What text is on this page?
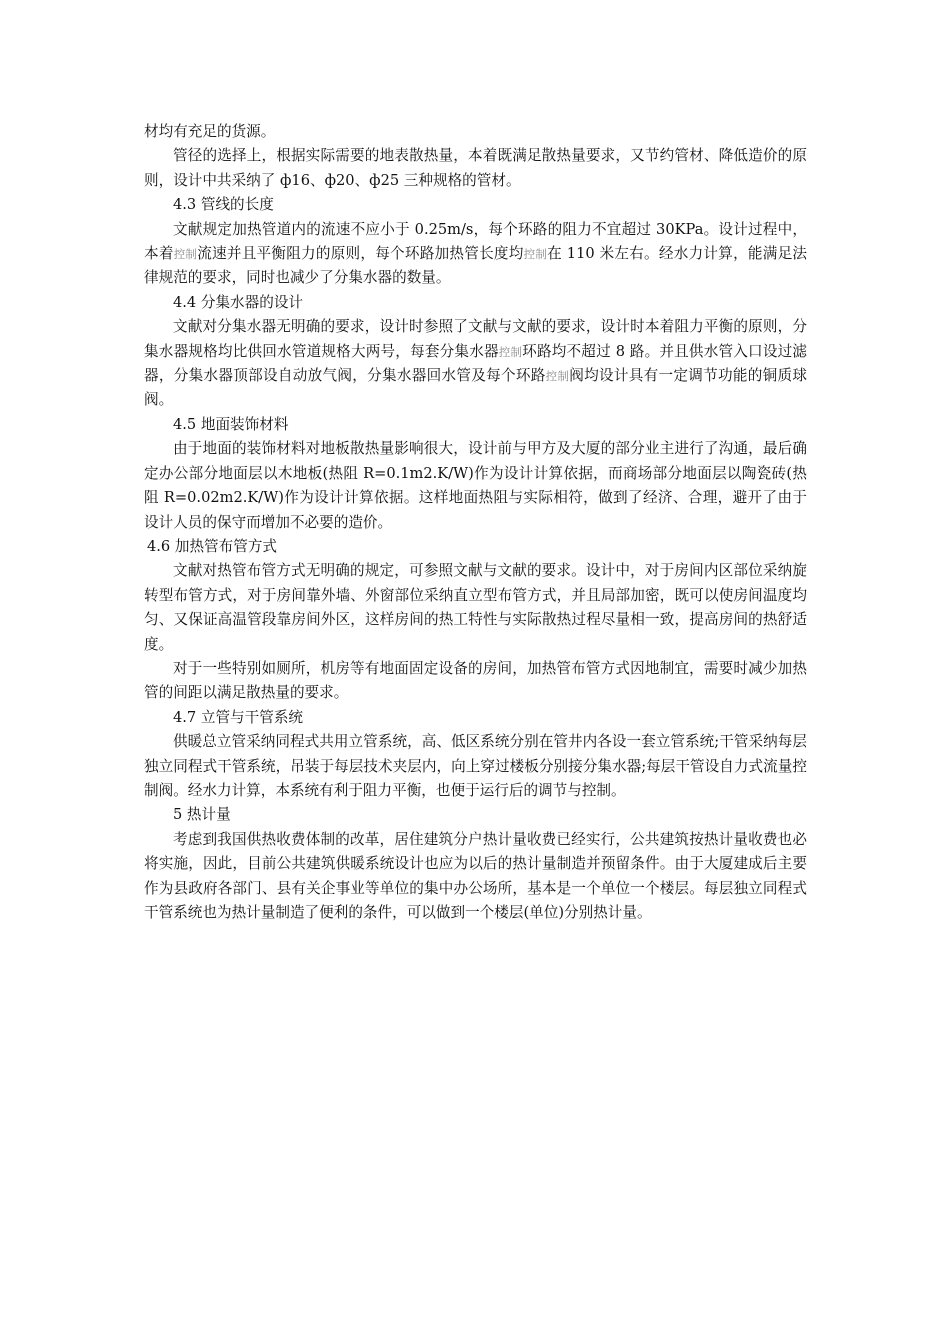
材均有充足的货源。

管径的选择上，根据实际需要的地表散热量，本着既满足散热量要求，又节约管材、降低造价的原则，设计中共采纳了 ф16、ф20、ф25 三种规格的管材。

4.3 管线的长度

文献规定加热管道内的流速不应小于 0.25m/s，每个环路的阻力不宜超过 30KPa。设计过程中，本着控制流速并且平衡阻力的原则，每个环路加热管长度均控制在 110 米左右。经水力计算，能满足法律规范的要求，同时也减少了分集水器的数量。

4.4 分集水器的设计

文献对分集水器无明确的要求，设计时参照了文献与文献的要求，设计时本着阻力平衡的原则，分集水器规格均比供回水管道规格大两号，每套分集水器控制环路均不超过 8 路。并且供水管入口设过滤器，分集水器顶部设自动放气阀，分集水器回水管及每个环路控制阀均设计具有一定调节功能的铜质球阀。

4.5 地面装饰材料

由于地面的装饰材料对地板散热量影响很大，设计前与甲方及大厦的部分业主进行了沟通，最后确定办公部分地面层以木地板(热阻 R=0.1m2.K/W)作为设计计算依据，而商场部分地面层以陶瓷砖(热阻 R=0.02m2.K/W)作为设计计算依据。这样地面热阻与实际相符，做到了经济、合理，避开了由于设计人员的保守而增加不必要的造价。

4.6 加热管布管方式

文献对热管布管方式无明确的规定，可参照文献与文献的要求。设计中，对于房间内区部位采纳旋转型布管方式，对于房间靠外墙、外窗部位采纳直立型布管方式，并且局部加密，既可以使房间温度均匀、又保证高温管段靠房间外区，这样房间的热工特性与实际散热过程尽量相一致，提高房间的热舒适度。

对于一些特别如厕所，机房等有地面固定设备的房间，加热管布管方式因地制宜，需要时减少加热管的间距以满足散热量的要求。

4.7 立管与干管系统

供暖总立管采纳同程式共用立管系统，高、低区系统分别在管井内各设一套立管系统;干管采纳每层独立同程式干管系统，吊装于每层技术夹层内，向上穿过楼板分别接分集水器;每层干管设自力式流量控制阀。经水力计算，本系统有利于阻力平衡，也便于运行后的调节与控制。

5 热计量

考虑到我国供热收费体制的改革，居住建筑分户热计量收费已经实行，公共建筑按热计量收费也必将实施，因此，目前公共建筑供暖系统设计也应为以后的热计量制造并预留条件。由于大厦建成后主要作为县政府各部门、县有关企事业等单位的集中办公场所，基本是一个单位一个楼层。每层独立同程式干管系统也为热计量制造了便利的条件，可以做到一个楼层(单位)分别热计量。
